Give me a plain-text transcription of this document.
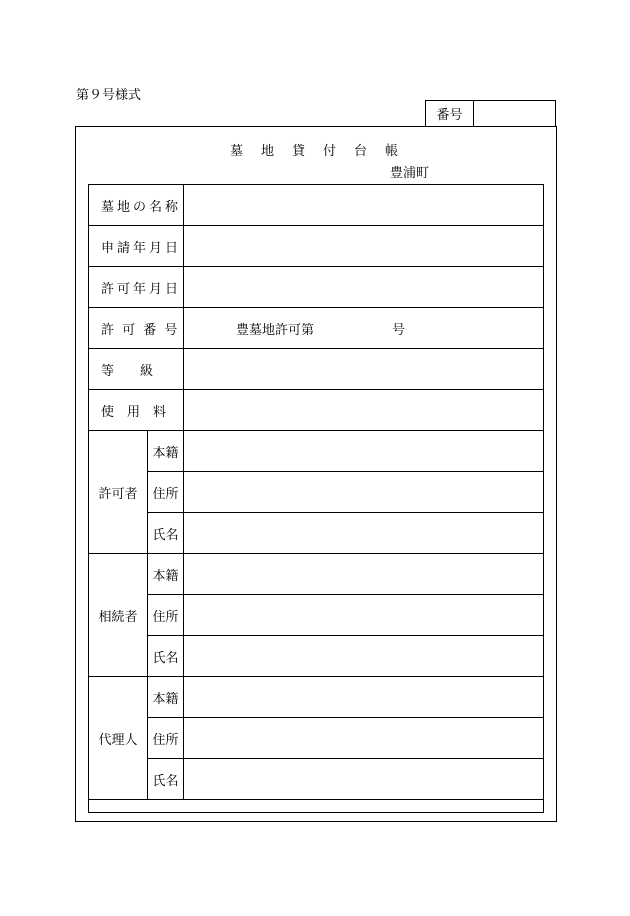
第９号様式
番号
墓地貸付台帳
豊浦町
墓地の名称		
申請年月日		
許可年月日		
許 可 番 号		豊墓地許可第 号
等　　級		
使　用　料		
許可者	本籍	
	住所	
	氏名	
相続者	本籍	
	住所	
	氏名	
代理人	本籍	
	住所	
	氏名	
